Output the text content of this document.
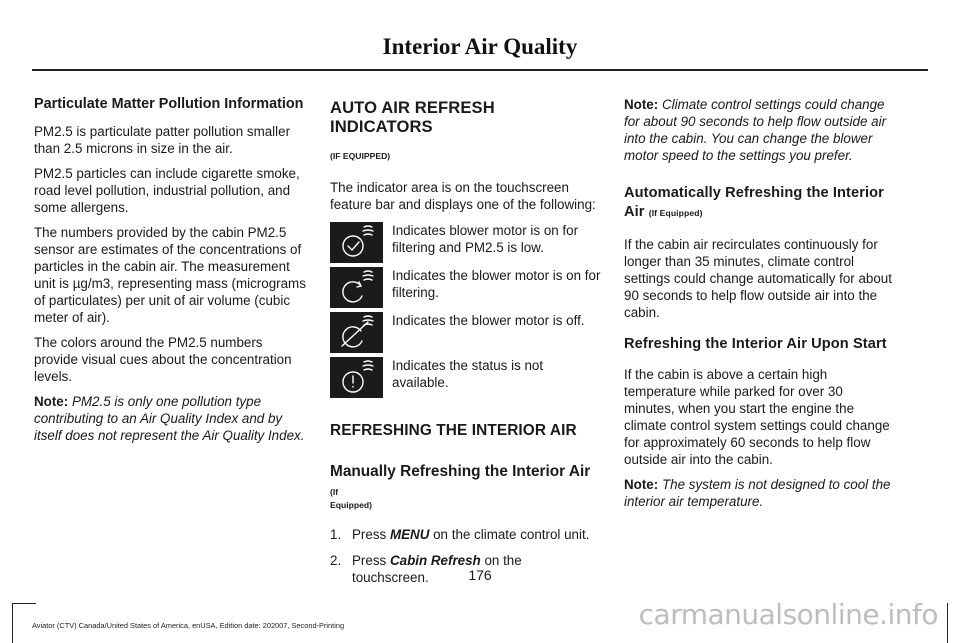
Interior Air Quality
Particulate Matter Pollution Information

PM2.5 is particulate patter pollution smaller than 2.5 microns in size in the air.

PM2.5 particles can include cigarette smoke, road level pollution, industrial pollution, and some allergens.

The numbers provided by the cabin PM2.5 sensor are estimates of the concentrations of particles in the cabin air. The measurement unit is µg/m3, representing mass (micrograms of particulates) per unit of air volume (cubic meter of air).

The colors around the PM2.5 numbers provide visual cues about the concentration levels.

Note: PM2.5 is only one pollution type contributing to an Air Quality Index and by itself does not represent the Air Quality Index.

AUTO AIR REFRESH INDICATORS
(IF EQUIPPED)

The indicator area is on the touchscreen feature bar and displays one of the following:

Indicates blower motor is on for filtering and PM2.5 is low.
Indicates the blower motor is on for filtering.
Indicates the blower motor is off.
Indicates the status is not available.
REFRESHING THE INTERIOR AIR
Manually Refreshing the Interior Air (If
Equipped)
1. Press MENU on the climate control unit.
2. Press Cabin Refresh on the touchscreen.

Note: Climate control settings could change for about 90 seconds to help flow outside air into the cabin. You can change the blower motor speed to the settings you prefer.

Automatically Refreshing the Interior Air (If Equipped)

If the cabin air recirculates continuously for longer than 35 minutes, climate control settings could change automatically for about 90 seconds to help flow outside air into the cabin.

Refreshing the Interior Air Upon Start

If the cabin is above a certain high temperature while parked for over 30 minutes, when you start the engine the climate control system settings could change for approximately 60 seconds to help flow outside air into the cabin.

Note: The system is not designed to cool the interior air temperature.

176
Aviator (CTV) Canada/United States of America, enUSA, Edition date: 202007, Second-Printing	carmanualsonline.info
